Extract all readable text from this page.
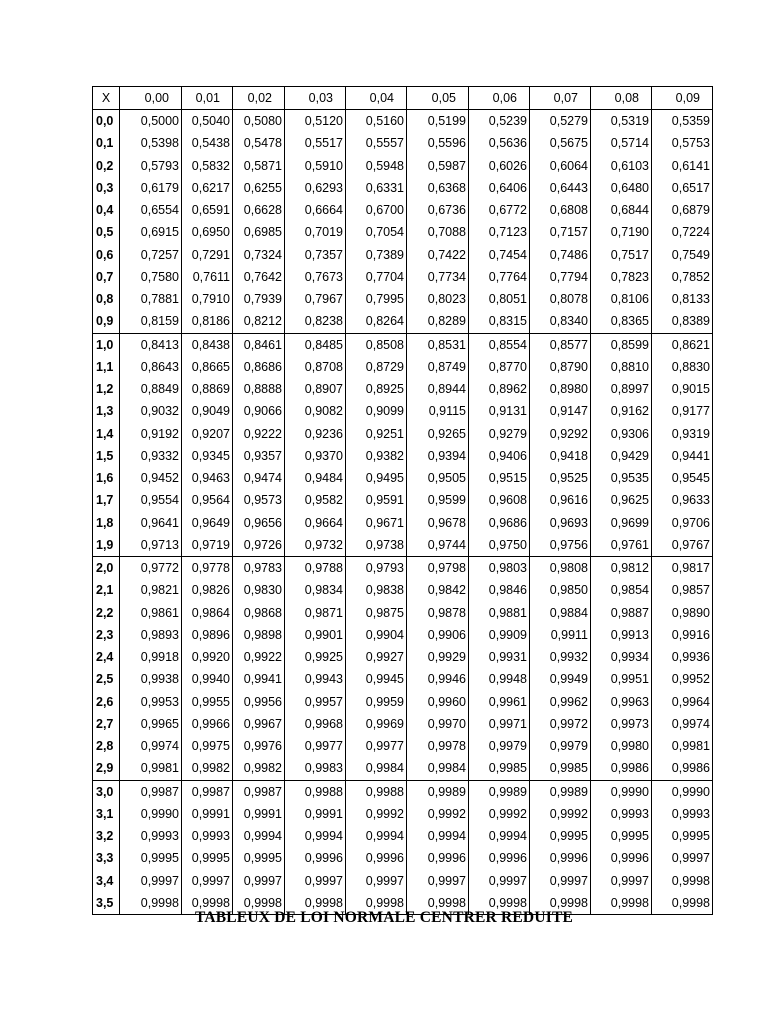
X	0,00	0,01	0,02	0,03	0,04	0,05	0,06	0,07	0,08	0,09
0,0	0,5000	0,5040	0,5080	0,5120	0,5160	0,5199	0,5239	0,5279	0,5319	0,5359
0,1	0,5398	0,5438	0,5478	0,5517	0,5557	0,5596	0,5636	0,5675	0,5714	0,5753
0,2	0,5793	0,5832	0,5871	0,5910	0,5948	0,5987	0,6026	0,6064	0,6103	0,6141
0,3	0,6179	0,6217	0,6255	0,6293	0,6331	0,6368	0,6406	0,6443	0,6480	0,6517
0,4	0,6554	0,6591	0,6628	0,6664	0,6700	0,6736	0,6772	0,6808	0,6844	0,6879
0,5	0,6915	0,6950	0,6985	0,7019	0,7054	0,7088	0,7123	0,7157	0,7190	0,7224
0,6	0,7257	0,7291	0,7324	0,7357	0,7389	0,7422	0,7454	0,7486	0,7517	0,7549
0,7	0,7580	0,7611	0,7642	0,7673	0,7704	0,7734	0,7764	0,7794	0,7823	0,7852
0,8	0,7881	0,7910	0,7939	0,7967	0,7995	0,8023	0,8051	0,8078	0,8106	0,8133
0,9	0,8159	0,8186	0,8212	0,8238	0,8264	0,8289	0,8315	0,8340	0,8365	0,8389
1,0	0,8413	0,8438	0,8461	0,8485	0,8508	0,8531	0,8554	0,8577	0,8599	0,8621
1,1	0,8643	0,8665	0,8686	0,8708	0,8729	0,8749	0,8770	0,8790	0,8810	0,8830
1,2	0,8849	0,8869	0,8888	0,8907	0,8925	0,8944	0,8962	0,8980	0,8997	0,9015
1,3	0,9032	0,9049	0,9066	0,9082	0,9099	0,9115	0,9131	0,9147	0,9162	0,9177
1,4	0,9192	0,9207	0,9222	0,9236	0,9251	0,9265	0,9279	0,9292	0,9306	0,9319
1,5	0,9332	0,9345	0,9357	0,9370	0,9382	0,9394	0,9406	0,9418	0,9429	0,9441
1,6	0,9452	0,9463	0,9474	0,9484	0,9495	0,9505	0,9515	0,9525	0,9535	0,9545
1,7	0,9554	0,9564	0,9573	0,9582	0,9591	0,9599	0,9608	0,9616	0,9625	0,9633
1,8	0,9641	0,9649	0,9656	0,9664	0,9671	0,9678	0,9686	0,9693	0,9699	0,9706
1,9	0,9713	0,9719	0,9726	0,9732	0,9738	0,9744	0,9750	0,9756	0,9761	0,9767
2,0	0,9772	0,9778	0,9783	0,9788	0,9793	0,9798	0,9803	0,9808	0,9812	0,9817
2,1	0,9821	0,9826	0,9830	0,9834	0,9838	0,9842	0,9846	0,9850	0,9854	0,9857
2,2	0,9861	0,9864	0,9868	0,9871	0,9875	0,9878	0,9881	0,9884	0,9887	0,9890
2,3	0,9893	0,9896	0,9898	0,9901	0,9904	0,9906	0,9909	0,9911	0,9913	0,9916
2,4	0,9918	0,9920	0,9922	0,9925	0,9927	0,9929	0,9931	0,9932	0,9934	0,9936
2,5	0,9938	0,9940	0,9941	0,9943	0,9945	0,9946	0,9948	0,9949	0,9951	0,9952
2,6	0,9953	0,9955	0,9956	0,9957	0,9959	0,9960	0,9961	0,9962	0,9963	0,9964
2,7	0,9965	0,9966	0,9967	0,9968	0,9969	0,9970	0,9971	0,9972	0,9973	0,9974
2,8	0,9974	0,9975	0,9976	0,9977	0,9977	0,9978	0,9979	0,9979	0,9980	0,9981
2,9	0,9981	0,9982	0,9982	0,9983	0,9984	0,9984	0,9985	0,9985	0,9986	0,9986
3,0	0,9987	0,9987	0,9987	0,9988	0,9988	0,9989	0,9989	0,9989	0,9990	0,9990
3,1	0,9990	0,9991	0,9991	0,9991	0,9992	0,9992	0,9992	0,9992	0,9993	0,9993
3,2	0,9993	0,9993	0,9994	0,9994	0,9994	0,9994	0,9994	0,9995	0,9995	0,9995
3,3	0,9995	0,9995	0,9995	0,9996	0,9996	0,9996	0,9996	0,9996	0,9996	0,9997
3,4	0,9997	0,9997	0,9997	0,9997	0,9997	0,9997	0,9997	0,9997	0,9997	0,9998
3,5	0,9998	0,9998	0,9998	0,9998	0,9998	0,9998	0,9998	0,9998	0,9998	0,9998
TABLEUX DE LOI NORMALE CENTRER REDUITE
